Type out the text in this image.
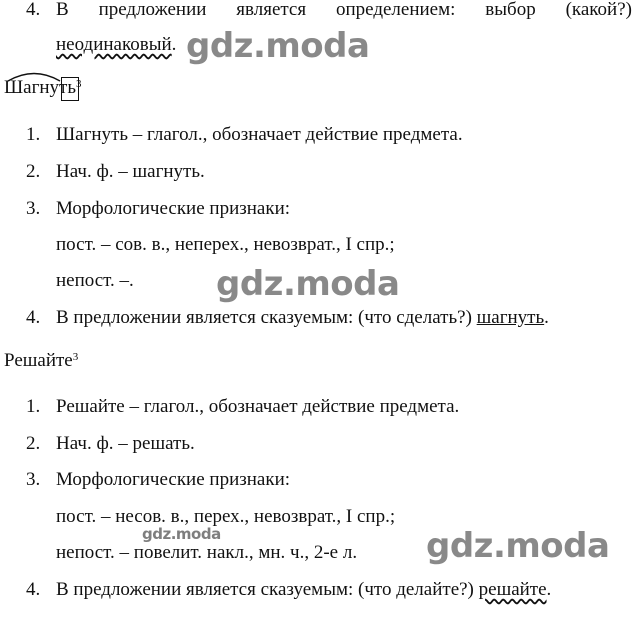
4. В предложении является определением: выбор (какой?)
неодинаковый.
Шагнуть$^3$
1. Шагнуть – глагол., обозначает действие предмета.
2. Нач. ф. – шагнуть.
3. Морфологические признаки:
пост. – сов. в., неперех., невозврат., I спр.;
непост. –.
4. В предложении является сказуемым: (что сделать?) шагнуть.
Решайте$^3$
1. Решайте – глагол., обозначает действие предмета.
2. Нач. ф. – решать.
3. Морфологические признаки:
пост. – несов. в., перех., невозврат., I спр.;
непост. – повелит. накл., мн. ч., 2-е л.
4. В предложении является сказуемым: (что делайте?) решайте.
gdz.moda
gdz.moda
gdz.moda
gdz.moda
